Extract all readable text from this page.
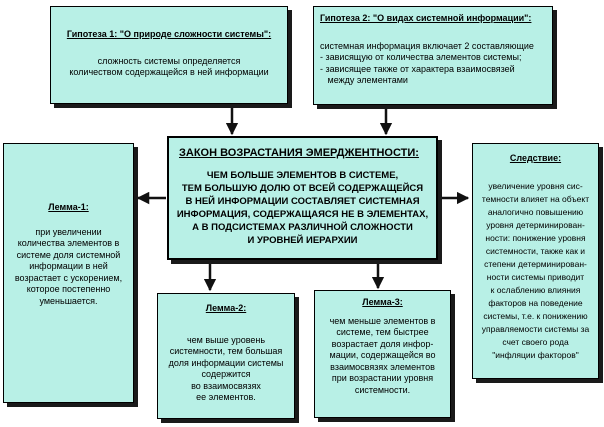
Гипотеза 1: "О природе сложности системы":
сложность системы определяется
количеством содержащейся в ней информации
Гипотеза 2: "О видах системной информации":
системная информация включает 2 составляющие
- зависящую от количества элементов системы;
- зависящее также от характера взаимосвязей
между элементами
ЗАКОН ВОЗРАСТАНИЯ ЭМЕРДЖЕНТНОСТИ:
ЧЕМ БОЛЬШЕ ЭЛЕМЕНТОВ В СИСТЕМЕ,
ТЕМ БОЛЬШУЮ ДОЛЮ ОТ ВСЕЙ СОДЕРЖАЩЕЙСЯ
В НЕЙ ИНФОРМАЦИИ СОСТАВЛЯЕТ СИСТЕМНАЯ
ИНФОРМАЦИЯ, СОДЕРЖАЩАЯСЯ НЕ В ЭЛЕМЕНТАХ,
А В ПОДСИСТЕМАХ РАЗЛИЧНОЙ СЛОЖНОСТИ
И УРОВНЕЙ ИЕРАРХИИ
Лемма-1:
при увеличении
количества элементов в
системе доля системной
информации в ней
возрастает с ускорением,
которое постепенно
уменьшается.
Лемма-2:
чем выше уровень
системности, тем большая
доля информации системы
содержится
во взаимосвязях
ее элементов.
Лемма-3:
чем меньше элементов в
системе, тем быстрее
возрастает доля инфор-
мации, содержащейся во
взаимосвязях элементов
при возрастании уровня
системности.
Следствие:
увеличение уровня сис-
темности влияет на объект
аналогично повышению
уровня детерминирован-
ности: понижение уровня
системности, также как и
степени детерминирован-
ности системы приводит
к ослаблению влияния
факторов на поведение
системы, т.е. к понижению
управляемости системы за
счет своего рода
"инфляции факторов"
